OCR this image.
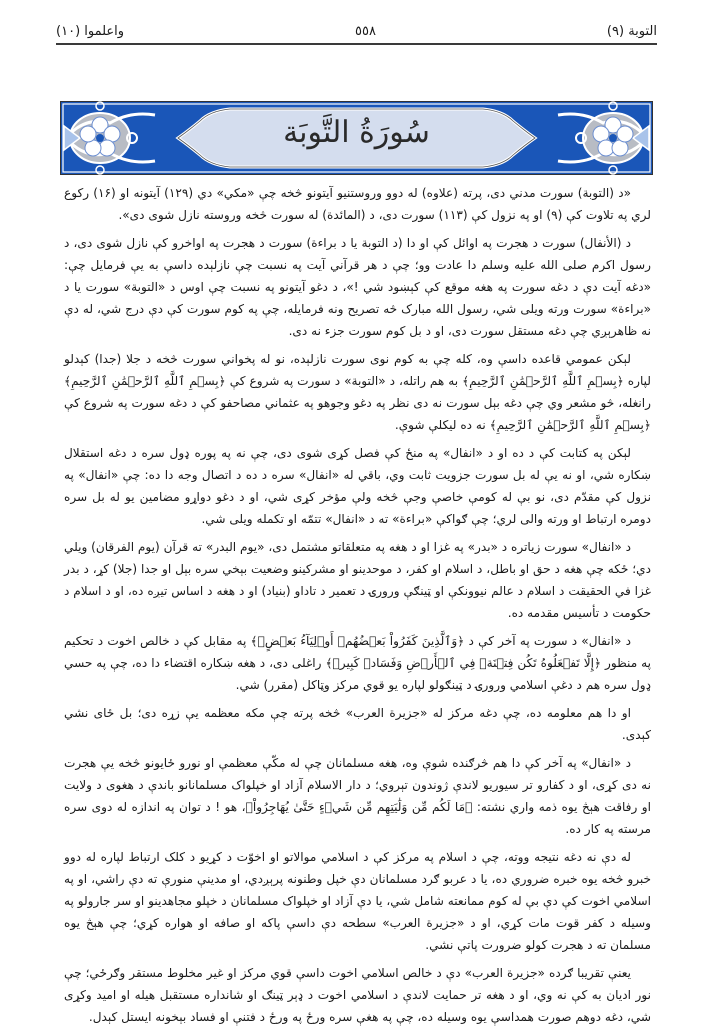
التوبة (٩)
٥٥٨
واعلموا (١٠)
سُورَةُ التَّوبَة

«د (التوبة) سورت مدني دی، پرته (علاوه) له دوو وروستنیو آیتونو څخه چې «مکي» دي (۱۲۹) آیتونه او (۱۶) رکوع لري په تلاوت کې (۹) او په نزول کې (۱۱۳) سورت دی، د (المائدة) له سورت څخه وروسته نازل شوی دی».

د (الأنفال) سورت د هجرت په اوائل کې او دا (د التوبة یا د براءة) سورت د هجرت په اواخرو کې نازل شوی دی، د رسول اکرم صلی الله علیه وسلم دا عادت وو؛ چې د هر قرآني آیت په نسبت چې نازلېده داسې به یې فرمایل چې: «دغه آیت دې د دغه سورت په هغه موقع کې کېښود شي !»، د دغو آیتونو په نسبت چې اوس د «التوبة» سورت یا د «براءة» سورت ورته ویلی شي، رسول الله مبارک څه تصریح ونه فرمایله، چې په کوم سورت کې دې درج شي، له دې نه ظاهرېږي چې دغه مستقل سورت دی، او د بل کوم سورت جزء نه دی.

لېکن عمومي قاعده داسې وه، کله چې به کوم نوی سورت نازلېده، نو له پخواني سورت څخه د جلا (جدا) کېدلو لپاره ﴿بِسۡمِ ٱللَّهِ ٱلرَّحۡمَٰنِ ٱلرَّحِيمِ﴾ به هم راتله، د «التوبة» د سورت په شروع کې ﴿بِسۡمِ ٱللَّهِ ٱلرَّحۡمَٰنِ ٱلرَّحِيمِ﴾ رانغله، څو مشعر وي چې دغه بېل سورت نه دی نظر په دغو وجوهو په عثماني مصاحفو کې د دغه سورت په شروع کې ﴿بِسۡمِ ٱللَّهِ ٱلرَّحۡمَٰنِ ٱلرَّحِيمِ﴾ نه ده لیکلې شوې.

لېکن په کتابت کې د ده او د «انفال» په منځ کې فصل کړی شوی دی، چې نه په پوره ډول سره د دغه استقلال ښکاره شي، او نه یې له بل سورت جزویت ثابت وي، باقي له «انفال» سره د ده د اتصال وجه دا ده: چې «انفال» په نزول کې مقدّم دی، نو بې له کومې خاصې وجې څخه ولې مؤخر کړی شي، او د دغو دواړو مضامین یو له بل سره دومره ارتباط او ورته والی لري؛ چې ګواکې «براءة» ته د «انفال» تتمّه او تکمله ویلی شي.

د «انفال» سورت زیاتره د «بدر» په غزا او د هغه په متعلقاتو مشتمل دی، «یوم البدر» ته قرآن (یوم الفرقان) ویلي دي؛ ځکه چې هغه د حق او باطل، د اسلام او کفر، د موحدینو او مشرکینو وضعیت بېخي سره بېل او جدا (جلا) کړ، د بدر غزا في الحقیقت د اسلام د عالم نیوونکې او ټینګې ورورۍ د تعمیر د تاداو (بنیاد) او د هغه د اساس تیږه ده، او د اسلام د حکومت د تأسیس مقدمه ده.

د «انفال» د سورت په آخر کې د ﴿وَٱلَّذِينَ كَفَرُواْ بَعۡضُهُمۡ أَوۡلِيَآءُ بَعۡضٍۚ﴾ په مقابل کې د خالص اخوت د تحکیم په منظور ﴿إِلَّا تَفۡعَلُوهُ تَكُن فِتۡنَةٞ فِي ٱلۡأَرۡضِ وَفَسَادٞ كَبِيرٞ﴾ راغلی دی، د هغه ښکاره اقتضاء دا ده، چې په حسي ډول سره هم د دغې اسلامي ورورۍ د ټینګولو لپاره یو قوي مرکز وټاکل (مقرر) شي.

او دا هم معلومه ده، چې دغه مرکز له «جزیرة العرب» څخه پرته چې مکه معظمه یې زړه دی؛ بل ځای نشي کېدی.

د «انفال» په آخر کې دا هم څرګنده شوې وه، هغه مسلمانان چې له مکّې معظمې او نورو ځایونو څخه یې هجرت نه دی کړی، او د کفارو تر سیوریو لاندې ژوندون تېروي؛ د دار الاسلام آزاد او خپلواک مسلمانانو باندې د هغوی د ولایت او رفاقت هېڅ یوه ذمه واري نشته: ﴿مَا لَكُم مِّن وَلَٰيَتِهِم مِّن شَيۡءٍ حَتَّىٰ يُهَاجِرُواْ﴾، هو ! د توان په اندازه له دوی سره مرسته په کار ده.

له دې نه دغه نتیجه ووته، چې د اسلام په مرکز کې د اسلامي موالاتو او اخوّت د کړیو د کلک ارتباط لپاره له دوو خبرو څخه یوه خبره ضروري ده، یا د عربو ګرد مسلمانان دې خپل وطنونه پرېږدي، او مدینې منورې ته دې راشي، او په اسلامي اخوت کې دې بې له کوم ممانعته شامل شي، یا دې آزاد او خپلواک مسلمانان د خپلو مجاهدینو او سر جارولو په وسیله د کفر قوت مات کړي، او د «جزیرة العرب» سطحه دې داسې پاکه او صافه او هواره کړي؛ چې هېڅ یوه مسلمان ته د هجرت کولو ضرورت پاتې نشي.

یعنې تقریبا ګرده «جزیرة العرب» دې د خالص اسلامي اخوت داسې قوي مرکز او غیر مخلوط مستقر وګرځي؛ چې نور ادیان به کې نه وي، او د هغه تر حمایت لاندې د اسلامي اخوت د ډېر ټینګ او شانداره مستقبل هیله او امید وکړی شي، دغه دوهم صورت همداسې یوه وسیله ده، چې په هغې سره ورځ په ورځ د فتنې او فساد بېخونه ایستل کېدل.
